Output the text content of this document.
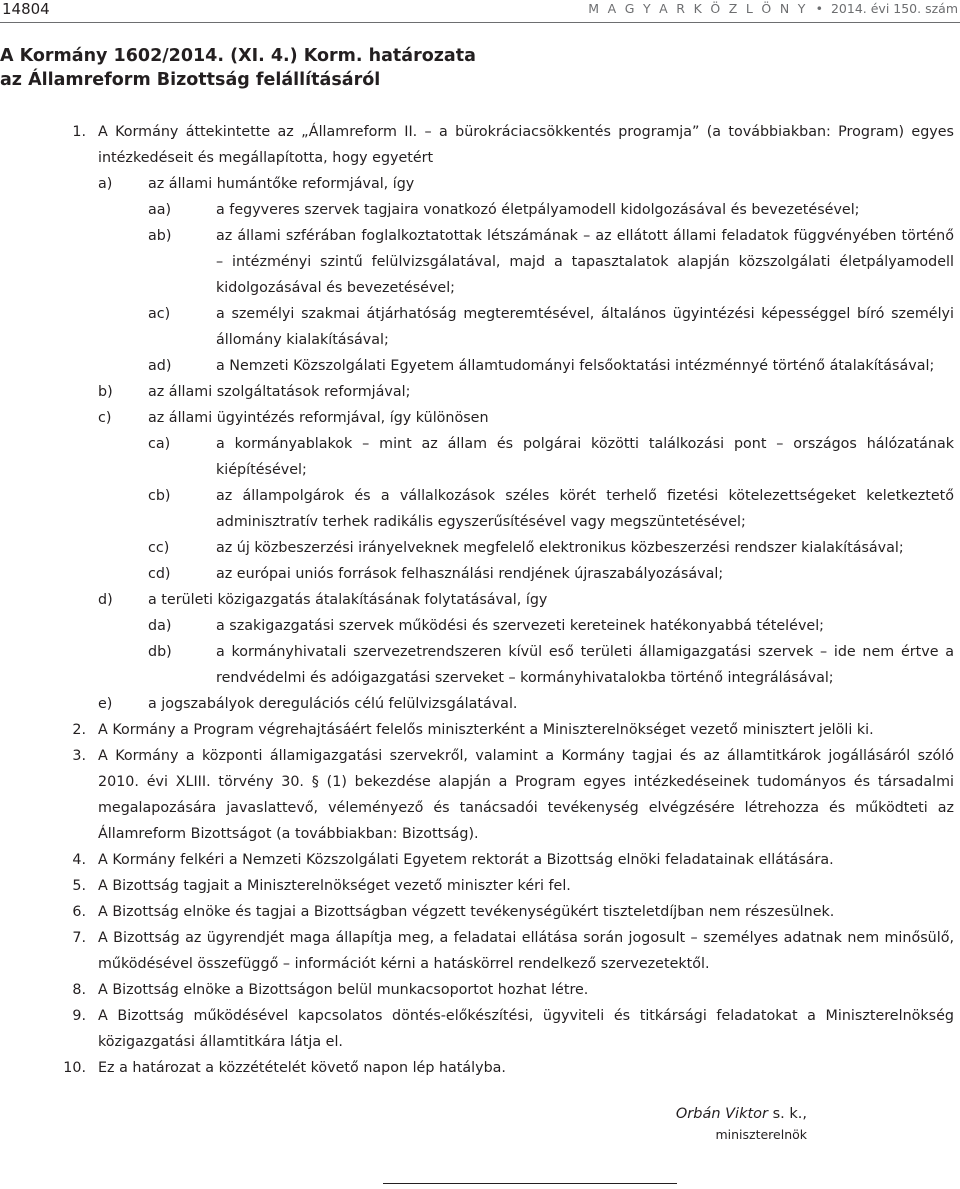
14804	M A G Y A R K Ö Z L Ö N Y • 2014. évi 150. szám
A Kormány 1602/2014. (XI. 4.) Korm. határozata
az Államreform Bizottság felállításáról
1. A Kormány áttekintette az „Államreform II. – a bürokráciacsökkentés programja” (a továbbiakban: Program) egyes intézkedéseit és megállapította, hogy egyetért
a)	az állami humántőke reformjával, így
aa)	a fegyveres szervek tagjaira vonatkozó életpályamodell kidolgozásával és bevezetésével;
ab)	az állami szférában foglalkoztatottak létszámának – az ellátott állami feladatok függvényében történő – intézményi szintű felülvizsgálatával, majd a tapasztalatok alapján közszolgálati életpályamodell kidolgozásával és bevezetésével;
ac)	a személyi szakmai átjárhatóság megteremtésével, általános ügyintézési képességgel bíró személyi állomány kialakításával;
ad)	a Nemzeti Közszolgálati Egyetem államtudományi felsőoktatási intézménnyé történő átalakításával;
b)	az állami szolgáltatások reformjával;
c)	az állami ügyintézés reformjával, így különösen
ca)	a kormányablakok – mint az állam és polgárai közötti találkozási pont – országos hálózatának kiépítésével;
cb)	az állampolgárok és a vállalkozások széles körét terhelő fizetési kötelezettségeket keletkeztető adminisztratív terhek radikális egyszerűsítésével vagy megszüntetésével;
cc)	az új közbeszerzési irányelveknek megfelelő elektronikus közbeszerzési rendszer kialakításával;
cd)	az európai uniós források felhasználási rendjének újraszabályozásával;
d)	a területi közigazgatás átalakításának folytatásával, így
da)	a szakigazgatási szervek működési és szervezeti kereteinek hatékonyabbá tételével;
db)	a kormányhivatali szervezetrendszeren kívül eső területi államigazgatási szervek – ide nem értve a rendvédelmi és adóigazgatási szerveket – kormányhivatalokba történő integrálásával;
e)	a jogszabályok deregulációs célú felülvizsgálatával.
2. A Kormány a Program végrehajtásáért felelős miniszterként a Miniszterelnökséget vezető minisztert jelöli ki.
3. A Kormány a központi államigazgatási szervekről, valamint a Kormány tagjai és az államtitkárok jogállásáról szóló 2010. évi XLIII. törvény 30. § (1) bekezdése alapján a Program egyes intézkedéseinek tudományos és társadalmi megalapozására javaslattevő, véleményező és tanácsadói tevékenység elvégzésére létrehozza és működteti az Államreform Bizottságot (a továbbiakban: Bizottság).
4. A Kormány felkéri a Nemzeti Közszolgálati Egyetem rektorát a Bizottság elnöki feladatainak ellátására.
5. A Bizottság tagjait a Miniszterelnökséget vezető miniszter kéri fel.
6. A Bizottság elnöke és tagjai a Bizottságban végzett tevékenységükért tiszteletdíjban nem részesülnek.
7. A Bizottság az ügyrendjét maga állapítja meg, a feladatai ellátása során jogosult – személyes adatnak nem minősülő, működésével összefüggő – információt kérni a hatáskörrel rendelkező szervezetektől.
8. A Bizottság elnöke a Bizottságon belül munkacsoportot hozhat létre.
9. A Bizottság működésével kapcsolatos döntés-előkészítési, ügyviteli és titkársági feladatokat a Miniszterelnökség közigazgatási államtitkára látja el.
10. Ez a határozat a közzétételét követő napon lép hatályba.
Orbán Viktor s. k.,
miniszterelnök
